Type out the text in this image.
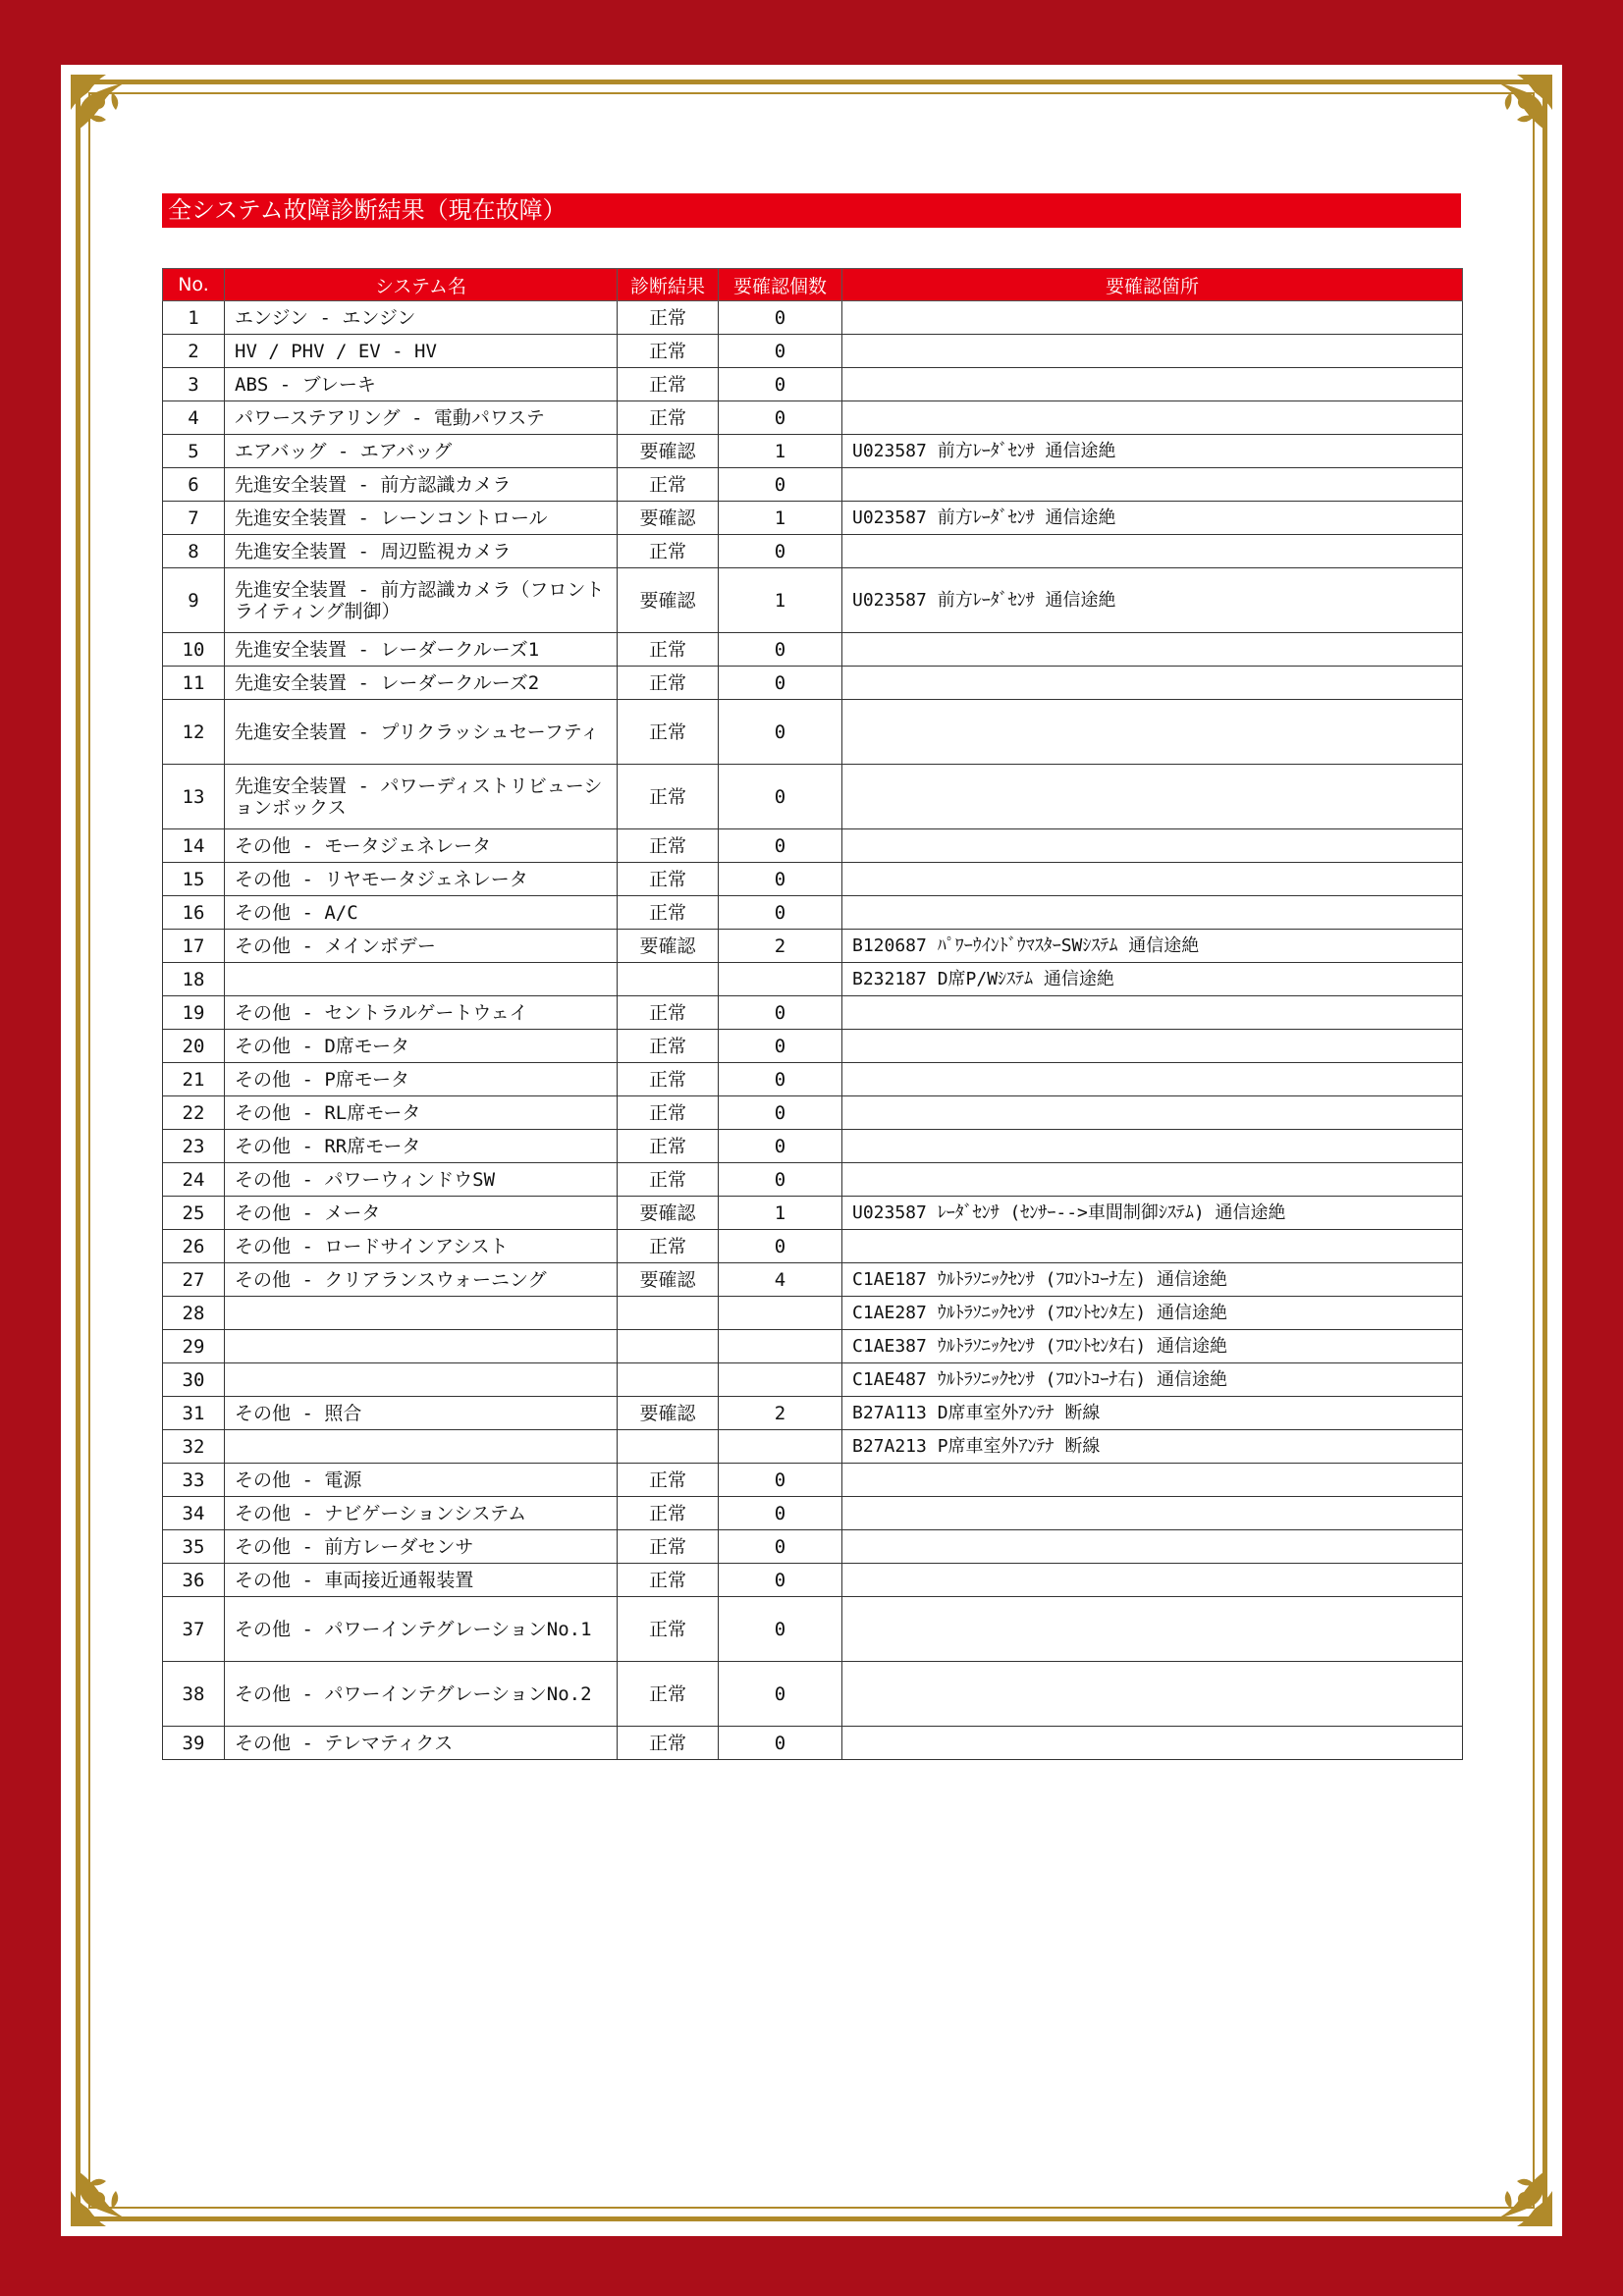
全システム故障診断結果（現在故障）
No.	システム名	診断結果	要確認個数	要確認箇所
1	エンジン - エンジン	正常	0	

2	HV / PHV / EV - HV	正常	0	

3	ABS - ブレーキ	正常	0	

4	パワーステアリング - 電動パワステ	正常	0	

5	エアバッグ - エアバッグ	要確認	1	U023587 前方ﾚｰﾀﾞｾﾝｻ 通信途絶

6	先進安全装置 - 前方認識カメラ	正常	0	

7	先進安全装置 - レーンコントロール	要確認	1	U023587 前方ﾚｰﾀﾞｾﾝｻ 通信途絶

8	先進安全装置 - 周辺監視カメラ	正常	0	

9	先進安全装置 - 前方認識カメラ（フロントライティング制御）	要確認	1	U023587 前方ﾚｰﾀﾞｾﾝｻ 通信途絶

10	先進安全装置 - レーダークルーズ1	正常	0	

11	先進安全装置 - レーダークルーズ2	正常	0	

12	先進安全装置 - プリクラッシュセーフティ	正常	0	

13	先進安全装置 - パワーディストリビューションボックス	正常	0	

14	その他 - モータジェネレータ	正常	0	

15	その他 - リヤモータジェネレータ	正常	0	

16	その他 - A/C	正常	0	

17	その他 - メインボデー	要確認	2	B120687 ﾊﾟﾜｰｳｲﾝﾄﾞｳﾏｽﾀｰSWｼｽﾃﾑ 通信途絶

18				B232187 D席P/Wｼｽﾃﾑ 通信途絶

19	その他 - セントラルゲートウェイ	正常	0	

20	その他 - D席モータ	正常	0	

21	その他 - P席モータ	正常	0	

22	その他 - RL席モータ	正常	0	

23	その他 - RR席モータ	正常	0	

24	その他 - パワーウィンドウSW	正常	0	

25	その他 - メータ	要確認	1	U023587 ﾚｰﾀﾞｾﾝｻ (ｾﾝｻｰ-->車間制御ｼｽﾃﾑ) 通信途絶

26	その他 - ロードサインアシスト	正常	0	

27	その他 - クリアランスウォーニング	要確認	4	C1AE187 ｳﾙﾄﾗｿﾆｯｸｾﾝｻ (ﾌﾛﾝﾄｺｰﾅ左) 通信途絶

28				C1AE287 ｳﾙﾄﾗｿﾆｯｸｾﾝｻ (ﾌﾛﾝﾄｾﾝﾀ左) 通信途絶

29				C1AE387 ｳﾙﾄﾗｿﾆｯｸｾﾝｻ (ﾌﾛﾝﾄｾﾝﾀ右) 通信途絶

30				C1AE487 ｳﾙﾄﾗｿﾆｯｸｾﾝｻ (ﾌﾛﾝﾄｺｰﾅ右) 通信途絶

31	その他 - 照合	要確認	2	B27A113 D席車室外ｱﾝﾃﾅ 断線

32				B27A213 P席車室外ｱﾝﾃﾅ 断線

33	その他 - 電源	正常	0	

34	その他 - ナビゲーションシステム	正常	0	

35	その他 - 前方レーダセンサ	正常	0	

36	その他 - 車両接近通報装置	正常	0	

37	その他 - パワーインテグレーションNo.1	正常	0	

38	その他 - パワーインテグレーションNo.2	正常	0	

39	その他 - テレマティクス	正常	0	
